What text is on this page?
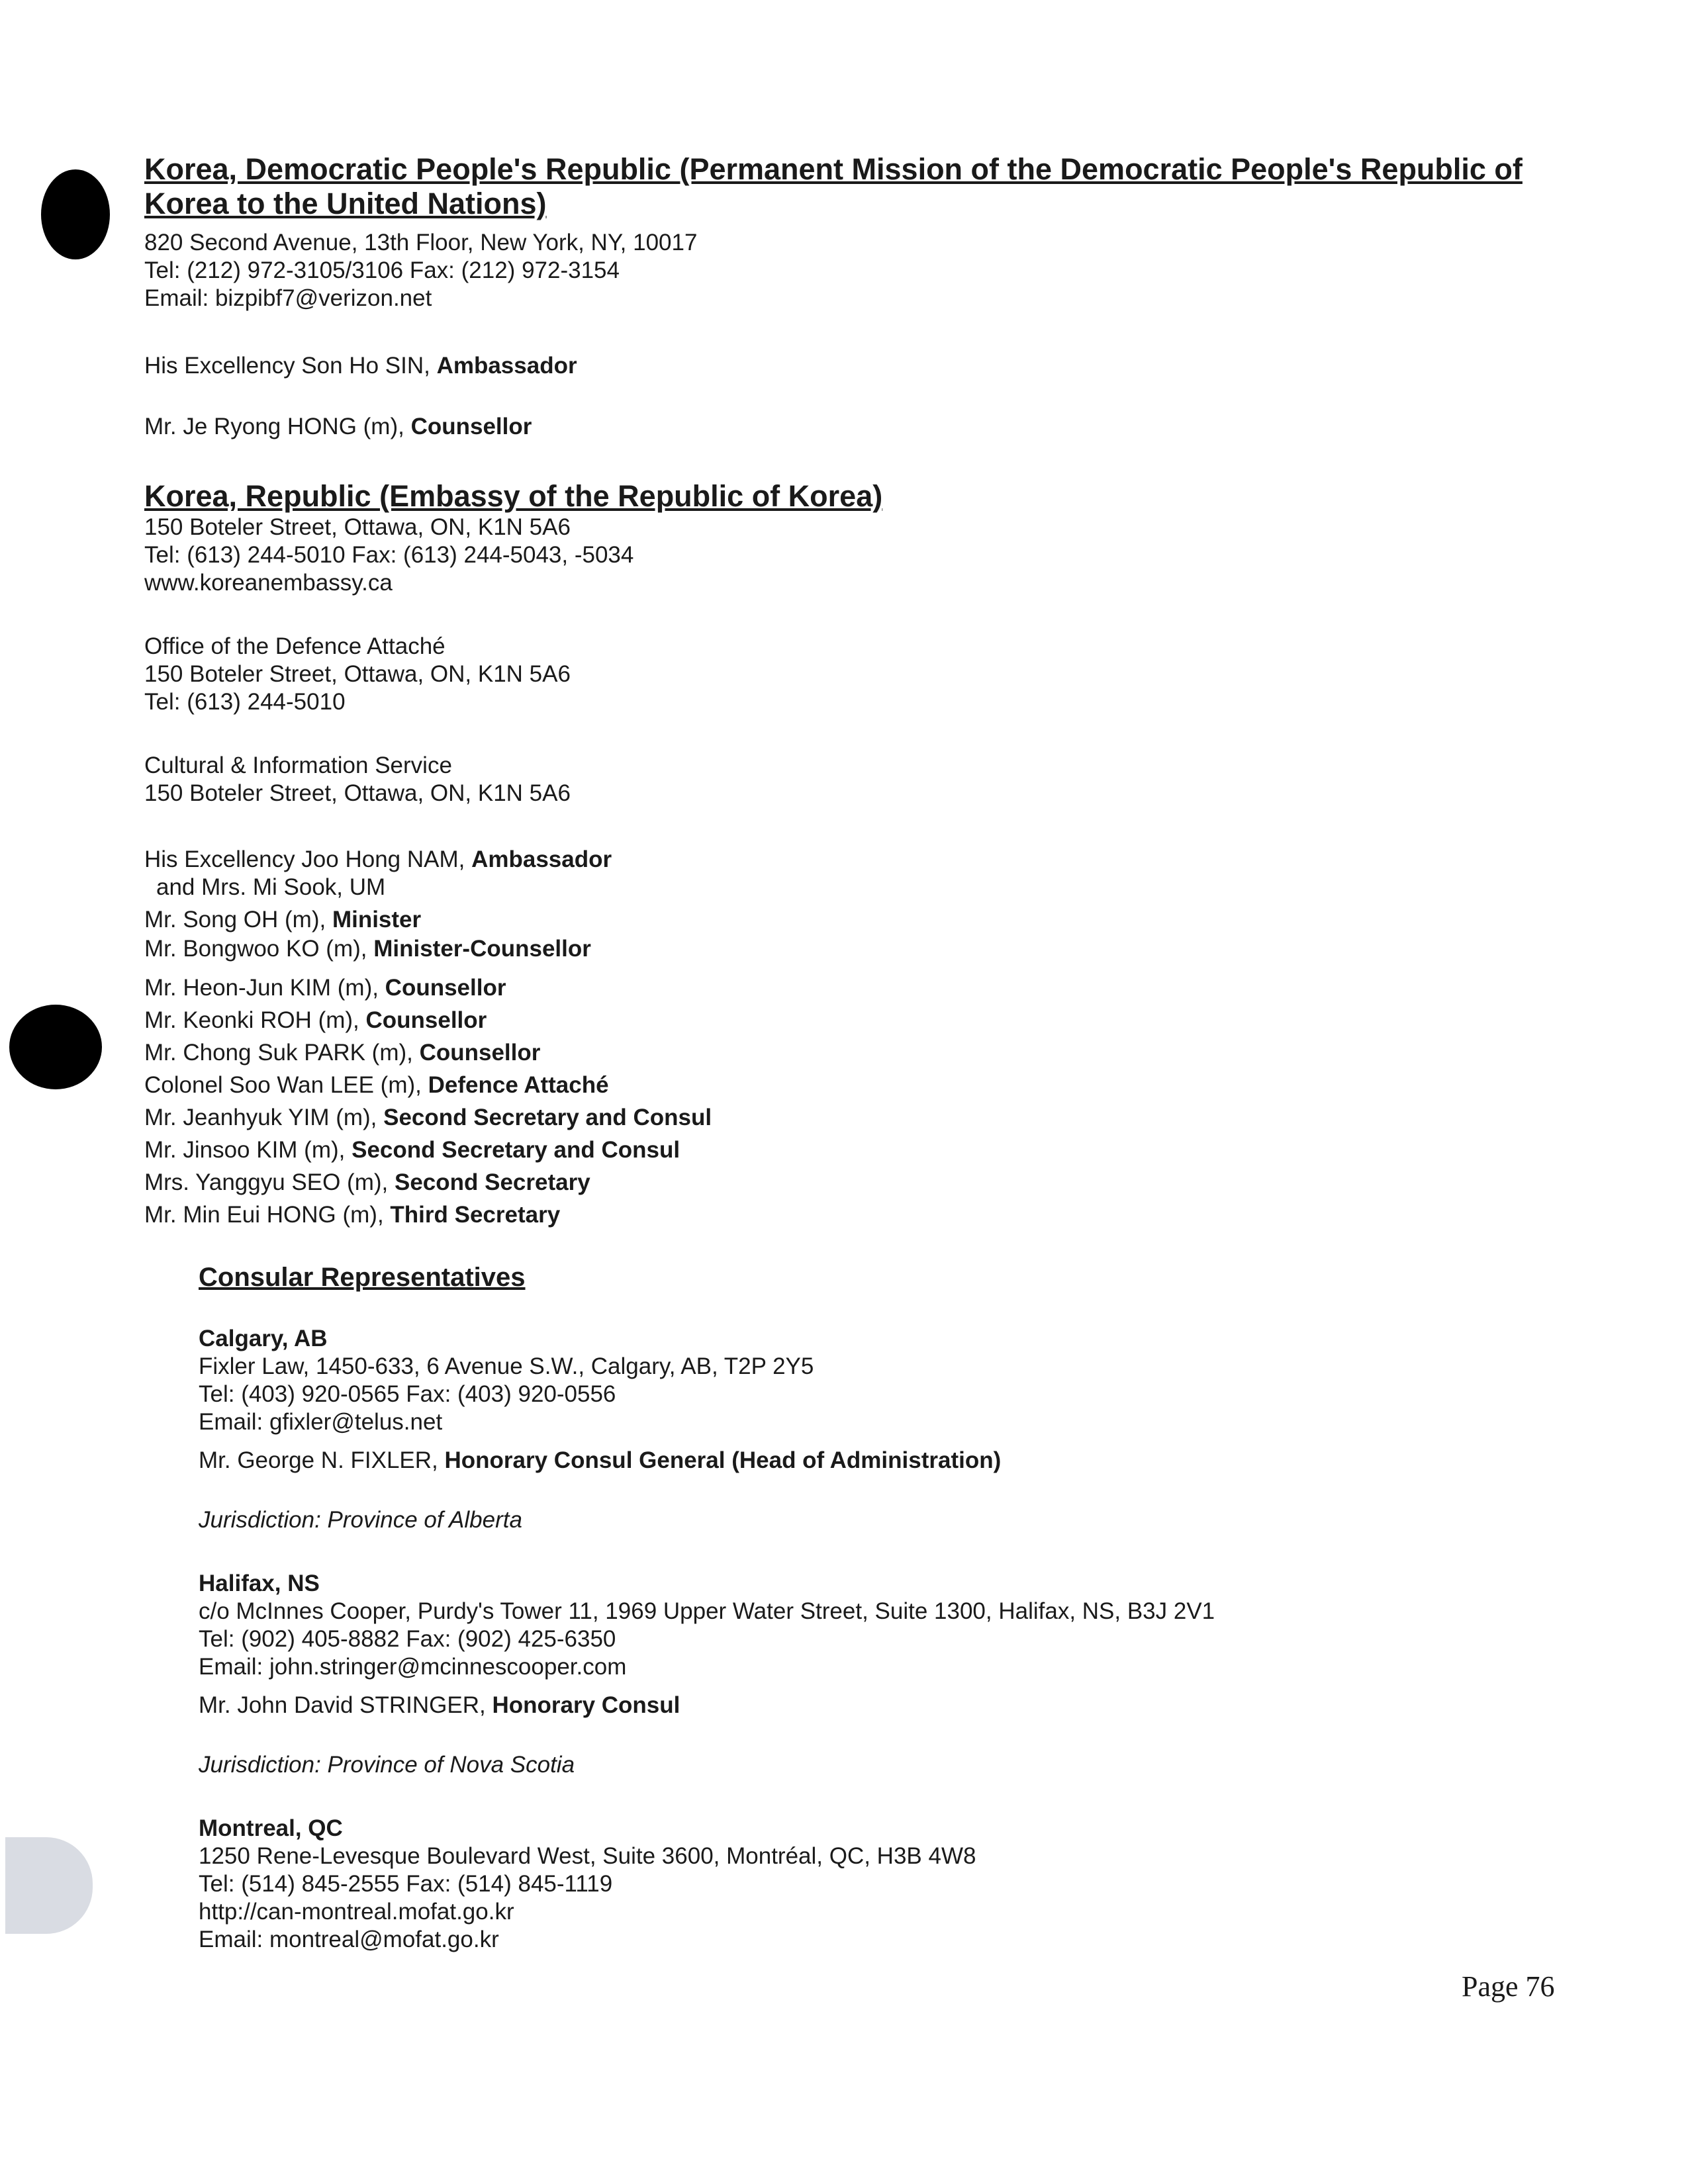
Korea, Democratic People's Republic (Permanent Mission of the Democratic People's Republic of

Korea to the United Nations)

820 Second Avenue, 13th Floor, New York, NY, 10017

Tel: (212) 972-3105/3106 Fax: (212) 972-3154

Email: bizpibf7@verizon.net

His Excellency Son Ho SIN, Ambassador

Mr. Je Ryong HONG (m), Counsellor

Korea, Republic (Embassy of the Republic of Korea)

150 Boteler Street, Ottawa, ON, K1N 5A6

Tel: (613) 244-5010 Fax: (613) 244-5043, -5034

www.koreanembassy.ca

Office of the Defence Attaché

150 Boteler Street, Ottawa, ON, K1N 5A6

Tel: (613) 244-5010

Cultural & Information Service

150 Boteler Street, Ottawa, ON, K1N 5A6

His Excellency Joo Hong NAM, Ambassador

and Mrs. Mi Sook, UM

Mr. Song OH (m), Minister

Mr. Bongwoo KO (m), Minister-Counsellor

Mr. Heon-Jun KIM (m), Counsellor

Mr. Keonki ROH (m), Counsellor

Mr. Chong Suk PARK (m), Counsellor

Colonel Soo Wan LEE (m), Defence Attaché

Mr. Jeanhyuk YIM (m), Second Secretary and Consul

Mr. Jinsoo KIM (m), Second Secretary and Consul

Mrs. Yanggyu SEO (m), Second Secretary

Mr. Min Eui HONG (m), Third Secretary

Consular Representatives

Calgary, AB

Fixler Law, 1450-633, 6 Avenue S.W., Calgary, AB, T2P 2Y5

Tel: (403) 920-0565 Fax: (403) 920-0556

Email: gfixler@telus.net

Mr. George N. FIXLER, Honorary Consul General (Head of Administration)

Jurisdiction: Province of Alberta

Halifax, NS

c/o McInnes Cooper, Purdy's Tower 11, 1969 Upper Water Street, Suite 1300, Halifax, NS, B3J 2V1

Tel: (902) 405-8882 Fax: (902) 425-6350

Email: john.stringer@mcinnescooper.com

Mr. John David STRINGER, Honorary Consul

Jurisdiction: Province of Nova Scotia

Montreal, QC

1250 Rene-Levesque Boulevard West, Suite 3600, Montréal, QC, H3B 4W8

Tel: (514) 845-2555 Fax: (514) 845-1119

http://can-montreal.mofat.go.kr

Email: montreal@mofat.go.kr

Page 76
